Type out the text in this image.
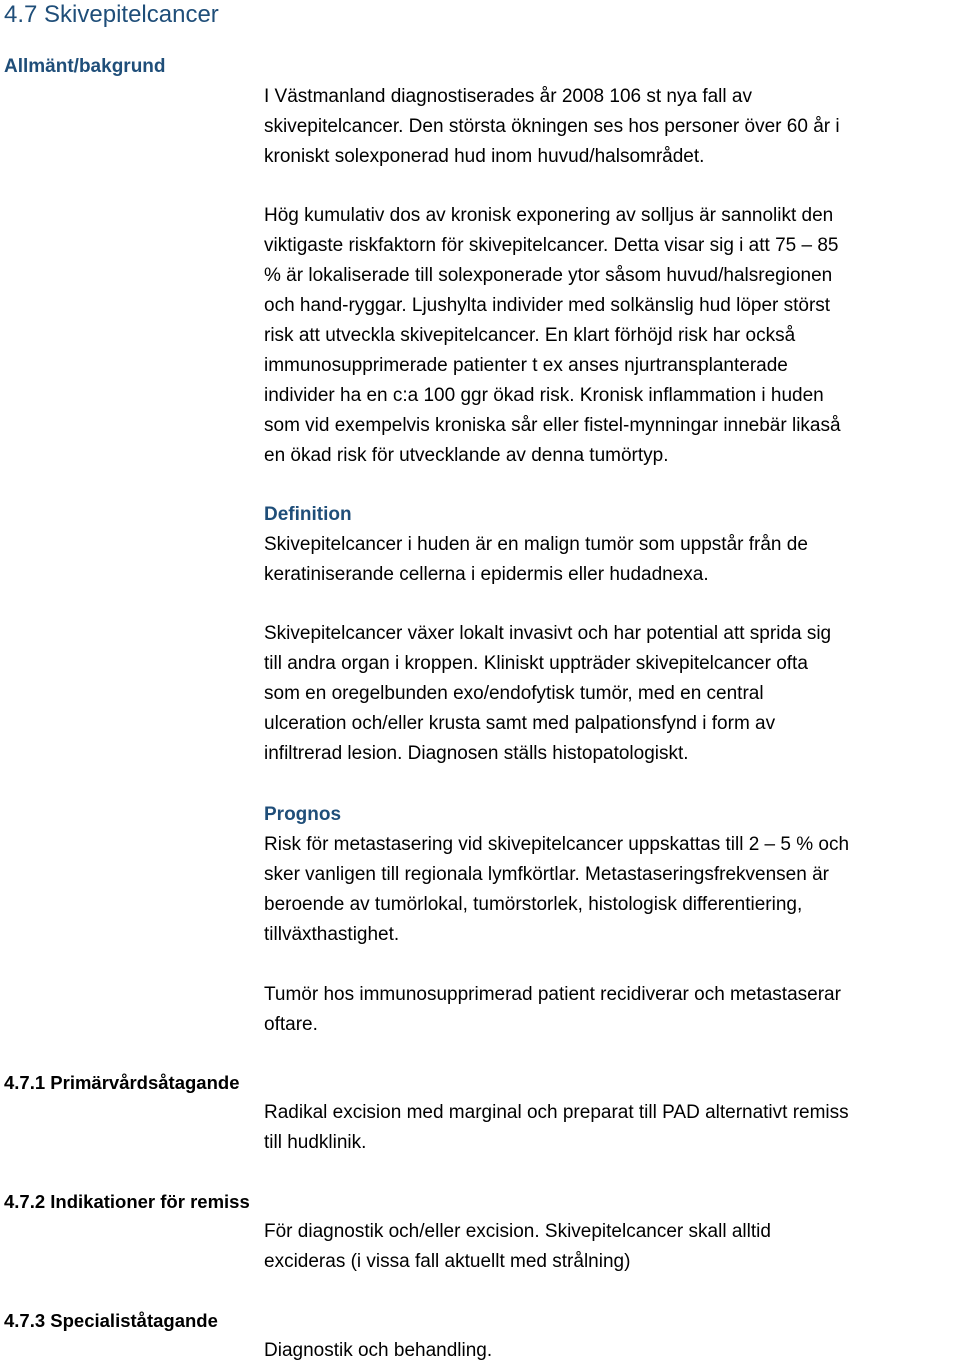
4.7 Skivepitelcancer
Allmänt/bakgrund
I Västmanland diagnostiserades år 2008 106 st nya fall av
skivepitelcancer. Den största ökningen ses hos personer över 60 år i
kroniskt solexponerad hud inom huvud/halsområdet.
Hög kumulativ dos av kronisk exponering av solljus är sannolikt den
viktigaste riskfaktorn för skivepitelcancer. Detta visar sig i att 75 – 85
% är lokaliserade till solexponerade ytor såsom huvud/halsregionen
och hand-ryggar. Ljushylta individer med solkänslig hud löper störst
risk att utveckla skivepitelcancer. En klart förhöjd risk har också
immunosupprimerade patienter t ex anses njurtransplanterade
individer ha en c:a 100 ggr ökad risk. Kronisk inflammation i huden
som vid exempelvis kroniska sår eller fistel-mynningar innebär likaså
en ökad risk för utvecklande av denna tumörtyp.
Definition
Skivepitelcancer i huden är en malign tumör som uppstår från de
keratiniserande cellerna i epidermis eller hudadnexa.
Skivepitelcancer växer lokalt invasivt och har potential att sprida sig
till andra organ i kroppen. Kliniskt uppträder skivepitelcancer ofta
som en oregelbunden exo/endofytisk tumör, med en central
ulceration och/eller krusta samt med palpationsfynd i form av
infiltrerad lesion. Diagnosen ställs histopatologiskt.
Prognos
Risk för metastasering vid skivepitelcancer uppskattas till 2 – 5 % och
sker vanligen till regionala lymfkörtlar. Metastaseringsfrekvensen är
beroende av tumörlokal, tumörstorlek, histologisk differentiering,
tillväxthastighet.
Tumör hos immunosupprimerad patient recidiverar och metastaserar
oftare.
4.7.1 Primärvårdsåtagande
Radikal excision med marginal och preparat till PAD alternativt remiss
till hudklinik.
4.7.2 Indikationer för remiss
För diagnostik och/eller excision. Skivepitelcancer skall alltid
excideras (i vissa fall aktuellt med strålning)
4.7.3 Specialiståtagande
Diagnostik och behandling.
